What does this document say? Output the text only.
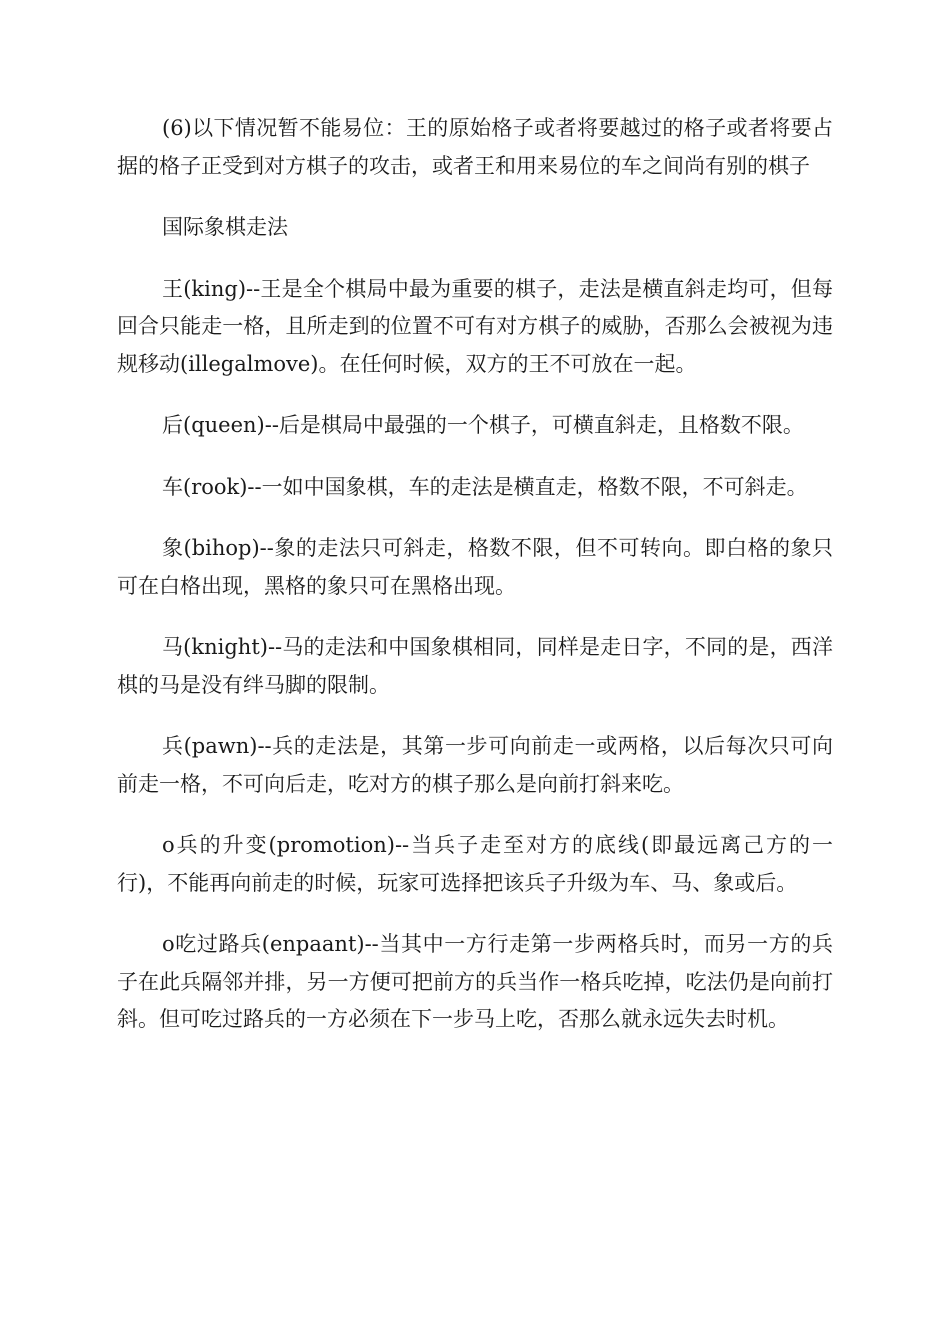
(6)以下情况暂不能易位：王的原始格子或者将要越过的格子或者将要占据的格子正受到对方棋子的攻击，或者王和用来易位的车之间尚有别的棋子

国际象棋走法

王(king)--王是全个棋局中最为重要的棋子，走法是横直斜走均可，但每回合只能走一格，且所走到的位置不可有对方棋子的威胁，否那么会被视为违规移动(illegalmove)。在任何时候，双方的王不可放在一起。

后(queen)--后是棋局中最强的一个棋子，可横直斜走，且格数不限。

车(rook)--一如中国象棋，车的走法是横直走，格数不限，不可斜走。

象(bihop)--象的走法只可斜走，格数不限，但不可转向。即白格的象只可在白格出现，黑格的象只可在黑格出现。

马(knight)--马的走法和中国象棋相同，同样是走日字，不同的是，西洋棋的马是没有绊马脚的限制。

兵(pawn)--兵的走法是，其第一步可向前走一或两格，以后每次只可向前走一格，不可向后走，吃对方的棋子那么是向前打斜来吃。

o兵的升变(promotion)--当兵子走至对方的底线(即最远离己方的一行)，不能再向前走的时候，玩家可选择把该兵子升级为车、马、象或后。

o吃过路兵(enpaant)--当其中一方行走第一步两格兵时，而另一方的兵子在此兵隔邻并排，另一方便可把前方的兵当作一格兵吃掉，吃法仍是向前打斜。但可吃过路兵的一方必须在下一步马上吃，否那么就永远失去时机。
